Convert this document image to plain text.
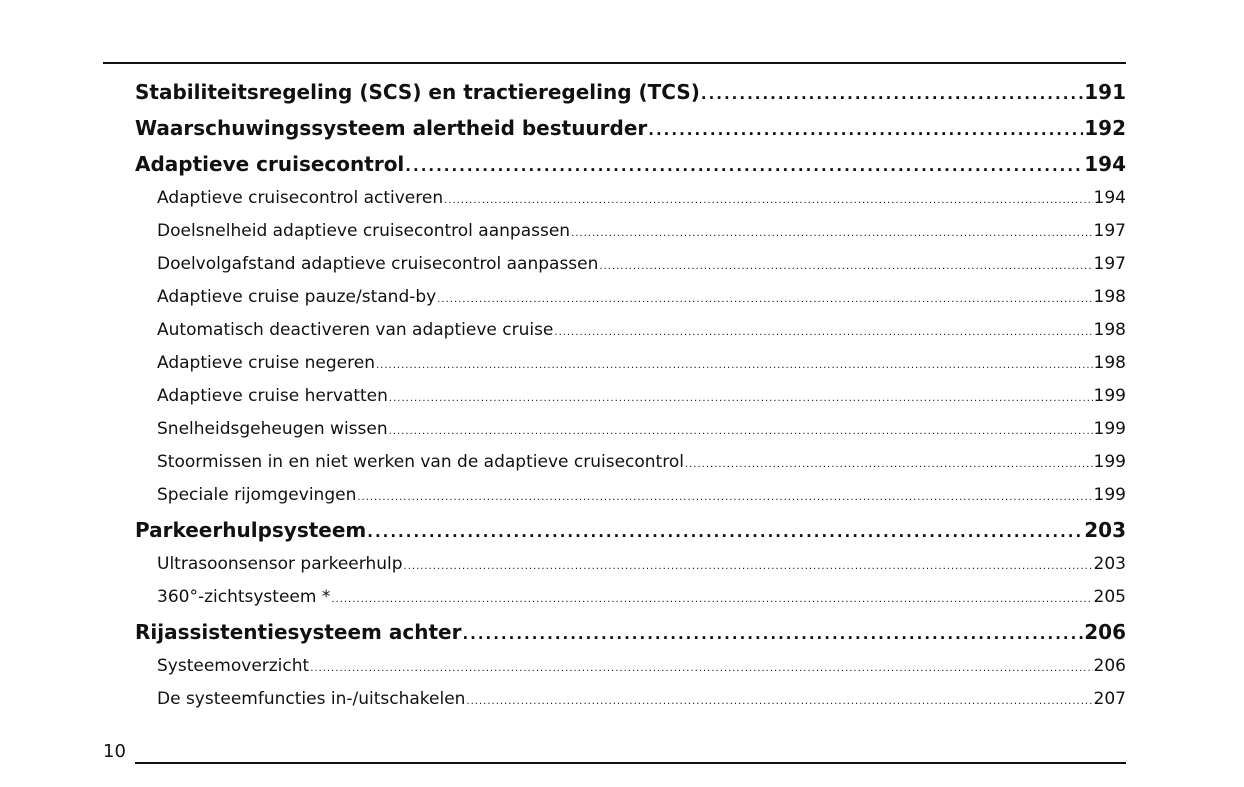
Stabiliteitsregeling (SCS) en tractieregeling (TCS) .....	191
Waarschuwingssysteem alertheid bestuurder .....	192
Adaptieve cruisecontrol .....	194
Adaptieve cruisecontrol activeren .....	194
Doelsnelheid adaptieve cruisecontrol aanpassen .....	197
Doelvolgafstand adaptieve cruisecontrol aanpassen .....	197
Adaptieve cruise pauze/stand-by .....	198
Automatisch deactiveren van adaptieve cruise .....	198
Adaptieve cruise negeren .....	198
Adaptieve cruise hervatten .....	199
Snelheidsgeheugen wissen .....	199
Stoormissen in en niet werken van de adaptieve cruisecontrol .....	199
Speciale rijomgevingen .....	199
Parkeerhulpsysteem .....	203
Ultrasoonsensor parkeerhulp .....	203
360°-zichtsysteem * .....	205
Rijassistentiesysteem achter .....	206
Systeemoverzicht .....	206
De systeemfuncties in-/uitschakelen .....	207
10
